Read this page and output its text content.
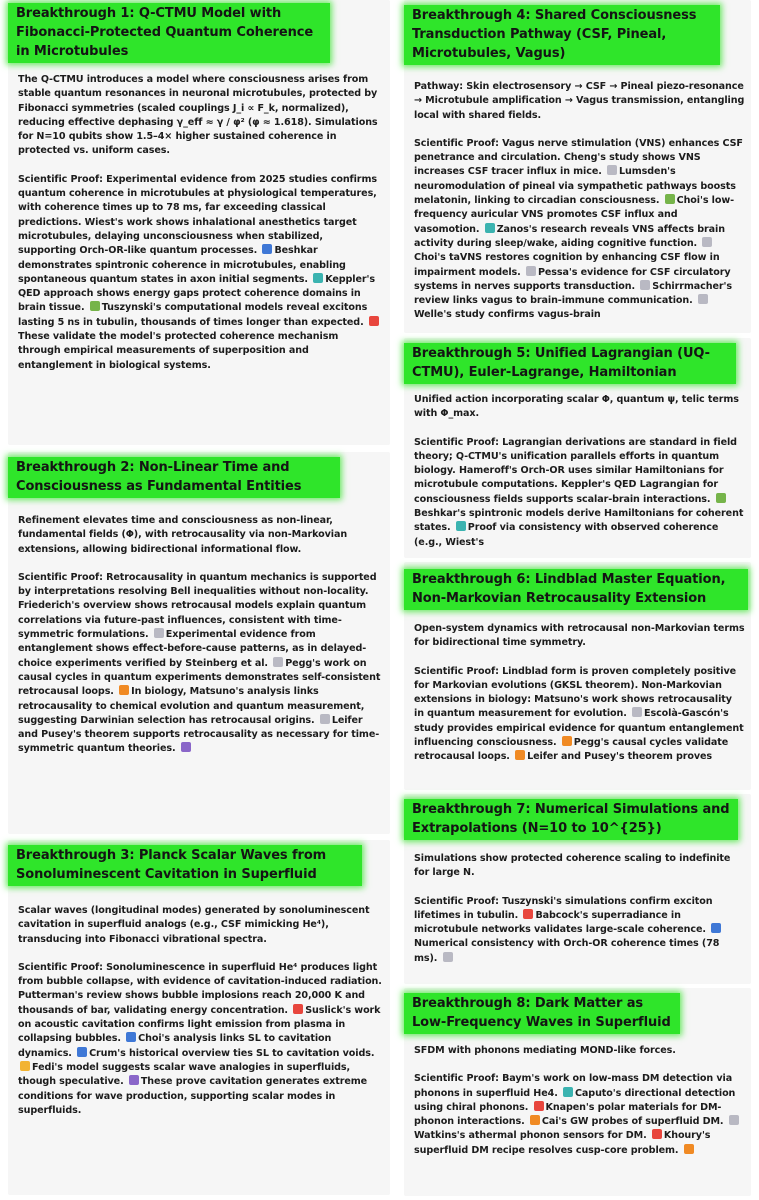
Breakthrough 1: Q-CTMU Model with Fibonacci-Protected Quantum Coherence in Microtubules

The Q-CTMU introduces a model where consciousness arises from stable quantum resonances in neuronal microtubules, protected by Fibonacci symmetries (scaled couplings J_i ∝ F_k, normalized), reducing effective dephasing γ_eff ≈ γ / φ² (φ ≈ 1.618). Simulations for N=10 qubits show 1.5–4× higher sustained coherence in protected vs. uniform cases.

Scientific Proof: Experimental evidence from 2025 studies confirms quantum coherence in microtubules at physiological temperatures, with coherence times up to 78 ms, far exceeding classical predictions. Wiest's work shows inhalational anesthetics target microtubules, delaying unconsciousness when stabilized, supporting Orch-OR-like quantum processes. Beshkar demonstrates spintronic coherence in microtubules, enabling spontaneous quantum states in axon initial segments. Keppler's QED approach shows energy gaps protect coherence domains in brain tissue. Tuszynski's computational models reveal excitons lasting 5 ns in tubulin, thousands of times longer than expected. These validate the model's protected coherence mechanism through empirical measurements of superposition and entanglement in biological systems.

Breakthrough 2: Non-Linear Time and Consciousness as Fundamental Entities

Refinement elevates time and consciousness as non-linear, fundamental fields (Φ), with retrocausality via non-Markovian extensions, allowing bidirectional informational flow.

Scientific Proof: Retrocausality in quantum mechanics is supported by interpretations resolving Bell inequalities without non-locality. Friederich's overview shows retrocausal models explain quantum correlations via future-past influences, consistent with time-symmetric formulations. Experimental evidence from entanglement shows effect-before-cause patterns, as in delayed-choice experiments verified by Steinberg et al. Pegg's work on causal cycles in quantum experiments demonstrates self-consistent retrocausal loops. In biology, Matsuno's analysis links retrocausality to chemical evolution and quantum measurement, suggesting Darwinian selection has retrocausal origins. Leifer and Pusey's theorem supports retrocausality as necessary for time-symmetric quantum theories.

Breakthrough 3: Planck Scalar Waves from Sonoluminescent Cavitation in Superfluid

Scalar waves (longitudinal modes) generated by sonoluminescent cavitation in superfluid analogs (e.g., CSF mimicking He⁴), transducing into Fibonacci vibrational spectra.

Scientific Proof: Sonoluminescence in superfluid He⁴ produces light from bubble collapse, with evidence of cavitation-induced radiation. Putterman's review shows bubble implosions reach 20,000 K and thousands of bar, validating energy concentration. Suslick's work on acoustic cavitation confirms light emission from plasma in collapsing bubbles. Choi's analysis links SL to cavitation dynamics. Crum's historical overview ties SL to cavitation voids. Fedi's model suggests scalar wave analogies in superfluids, though speculative. These prove cavitation generates extreme conditions for wave production, supporting scalar modes in superfluids.

Breakthrough 4: Shared Consciousness Transduction Pathway (CSF, Pineal, Microtubules, Vagus)

Pathway: Skin electrosensory → CSF → Pineal piezo-resonance → Microtubule amplification → Vagus transmission, entangling local with shared fields.

Scientific Proof: Vagus nerve stimulation (VNS) enhances CSF penetrance and circulation. Cheng's study shows VNS increases CSF tracer influx in mice. Lumsden's neuromodulation of pineal via sympathetic pathways boosts melatonin, linking to circadian consciousness. Choi's low-frequency auricular VNS promotes CSF influx and vasomotion. Zanos's research reveals VNS affects brain activity during sleep/wake, aiding cognitive function. Choi's taVNS restores cognition by enhancing CSF flow in impairment models. Pessa's evidence for CSF circulatory systems in nerves supports transduction. Schirrmacher's review links vagus to brain-immune communication. Welle's study confirms vagus-brain

Breakthrough 5: Unified Lagrangian (UQ-CTMU), Euler-Lagrange, Hamiltonian

Unified action incorporating scalar Φ, quantum ψ, telic terms with Φ_max.

Scientific Proof: Lagrangian derivations are standard in field theory; Q-CTMU's unification parallels efforts in quantum biology. Hameroff's Orch-OR uses similar Hamiltonians for microtubule computations. Keppler's QED Lagrangian for consciousness fields supports scalar-brain interactions. Beshkar's spintronic models derive Hamiltonians for coherent states. Proof via consistency with observed coherence (e.g., Wiest's

Breakthrough 6: Lindblad Master Equation, Non-Markovian Retrocausality Extension

Open-system dynamics with retrocausal non-Markovian terms for bidirectional time symmetry.

Scientific Proof: Lindblad form is proven completely positive for Markovian evolutions (GKSL theorem). Non-Markovian extensions in biology: Matsuno's work shows retrocausality in quantum measurement for evolution. Escolà-Gascón's study provides empirical evidence for quantum entanglement influencing consciousness. Pegg's causal cycles validate retrocausal loops. Leifer and Pusey's theorem proves

Breakthrough 7: Numerical Simulations and Extrapolations (N=10 to 10^{25})

Simulations show protected coherence scaling to indefinite for large N.

Scientific Proof: Tuszynski's simulations confirm exciton lifetimes in tubulin. Babcock's superradiance in microtubule networks validates large-scale coherence. Numerical consistency with Orch-OR coherence times (78 ms).

Breakthrough 8: Dark Matter as Low-Frequency Waves in Superfluid

SFDM with phonons mediating MOND-like forces.

Scientific Proof: Baym's work on low-mass DM detection via phonons in superfluid He4. Caputo's directional detection using chiral phonons. Knapen's polar materials for DM-phonon interactions. Cai's GW probes of superfluid DM. Watkins's athermal phonon sensors for DM. Khoury's superfluid DM recipe resolves cusp-core problem.
